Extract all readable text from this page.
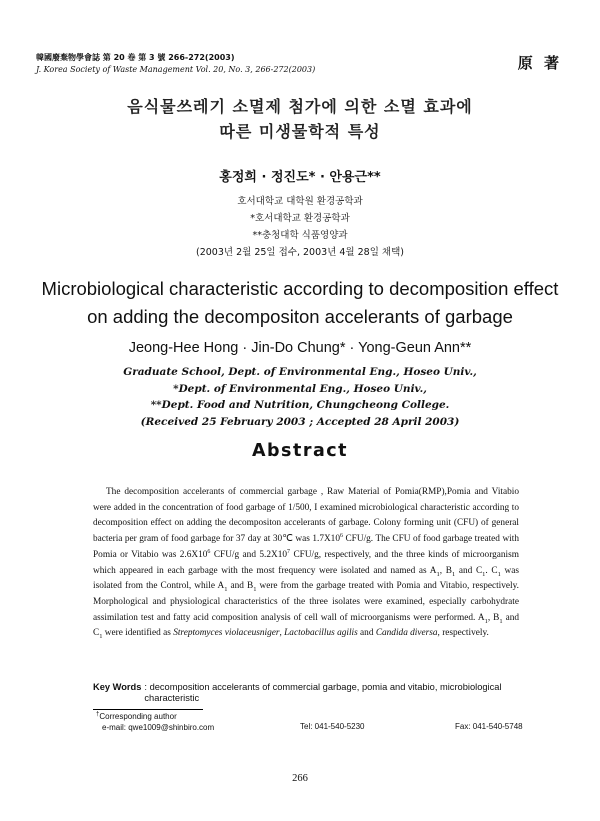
韓國廢棄物學會誌 第 20 卷 第 3 號 266-272(2003)
J. Korea Society of Waste Management Vol. 20, No. 3, 266-272(2003)	原 著
음식물쓰레기 소멸제 첨가에 의한 소멸 효과에
따른 미생물학적 특성
홍정희 · 정진도* · 안용근**
호서대학교 대학원 환경공학과
*호서대학교 환경공학과
**충청대학 식품영양과
(2003년 2월 25일 접수, 2003년 4월 28일 채택)
Microbiological characteristic according to decomposition effect
on adding the decompositon accelerants of garbage
Jeong-Hee Hong · Jin-Do Chung* · Yong-Geun Ann**
Graduate School, Dept. of Environmental Eng., Hoseo Univ.,
*Dept. of Environmental Eng., Hoseo Univ.,
**Dept. Food and Nutrition, Chungcheong College.
(Received 25 February 2003 ; Accepted 28 April 2003)
Abstract
The decomposition accelerants of commercial garbage , Raw Material of Pomia(RMP),Pomia and Vitabio were added in the concentration of food garbage of 1/500, I examined microbiological characteristic according to decomposition effect on adding the decompositon accelerants of garbage. Colony forming unit (CFU) of general bacteria per gram of food garbage for 37 day at 30℃ was $1.7X10^6$ CFU/g. The CFU of food garbage treated with Pomia or Vitabio was $2.6X10^6$ CFU/g and $5.2X10^7$ CFU/g, respectively, and the three kinds of microorganism which appeared in each garbage with the most frequency were isolated and named as $A_1$, $B_1$ and $C_1$. $C_1$ was isolated from the Control, while $A_1$ and $B_1$ were from the garbage treated with Pomia and Vitabio, respectively. Morphological and physiological characteristics of the three isolates were examined, especially carbohydrate assimilation test and fatty acid composition analysis of cell wall of microorganisms were performed. $A_1$, $B_1$ and $C_1$ were identified as Streptomyces violaceusniger, Lactobacillus agilis and Candida diversa, respectively.
Key Words : decomposition accelerants of commercial garbage, pomia and vitabio, microbiological characteristic
†Corresponding author
e-mail: qwe1009@shinbiro.com	Tel: 041-540-5230	Fax: 041-540-5748
266
